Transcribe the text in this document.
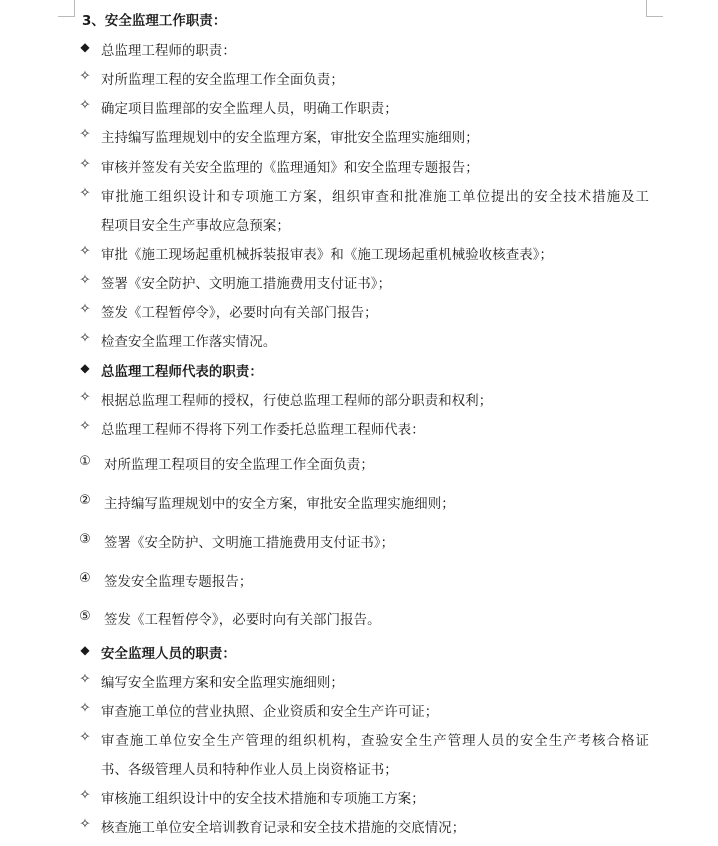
3、安全监理工作职责：
◆ 总监理工程师的职责：
✧ 对所监理工程的安全监理工作全面负责；
✧ 确定项目监理部的安全监理人员，明确工作职责；
✧ 主持编写监理规划中的安全监理方案，审批安全监理实施细则；
✧ 审核并签发有关安全监理的《监理通知》和安全监理专题报告；
✧ 审批施工组织设计和专项施工方案，组织审查和批准施工单位提出的安全技术措施及工
程项目安全生产事故应急预案；
✧ 审批《施工现场起重机械拆装报审表》和《施工现场起重机械验收核查表》；
✧ 签署《安全防护、文明施工措施费用支付证书》；
✧ 签发《工程暂停令》，必要时向有关部门报告；
✧ 检查安全监理工作落实情况。
◆ 总监理工程师代表的职责：
✧ 根据总监理工程师的授权，行使总监理工程师的部分职责和权利；
✧ 总监理工程师不得将下列工作委托总监理工程师代表：
① 对所监理工程项目的安全监理工作全面负责；
② 主持编写监理规划中的安全方案，审批安全监理实施细则；
③ 签署《安全防护、文明施工措施费用支付证书》；
④ 签发安全监理专题报告；
⑤ 签发《工程暂停令》，必要时向有关部门报告。
◆ 安全监理人员的职责：
✧ 编写安全监理方案和安全监理实施细则；
✧ 审查施工单位的营业执照、企业资质和安全生产许可证；
✧ 审查施工单位安全生产管理的组织机构，查验安全生产管理人员的安全生产考核合格证
书、各级管理人员和特种作业人员上岗资格证书；
✧ 审核施工组织设计中的安全技术措施和专项施工方案；
✧ 核查施工单位安全培训教育记录和安全技术措施的交底情况；
